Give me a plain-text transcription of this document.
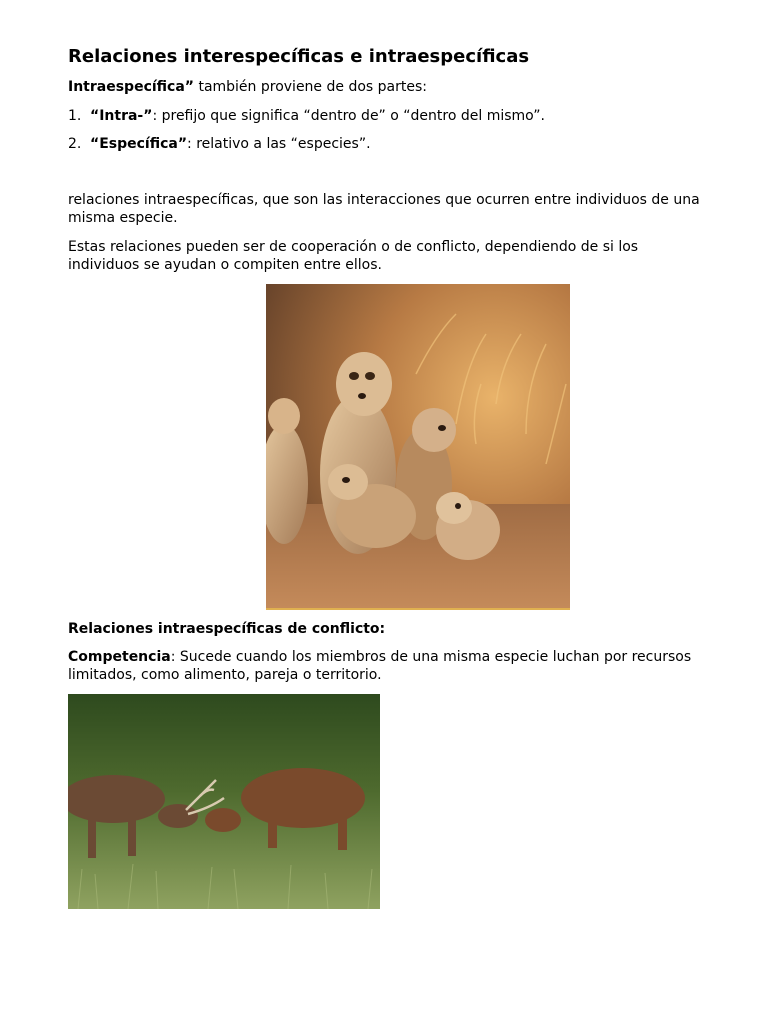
Relaciones interespecíficas e intraespecíficas
Intraespecífica” también proviene de dos partes:
1. “Intra-”: prefijo que significa “dentro de” o “dentro del mismo”.
2. “Específica”: relativo a las “especies”.
relaciones intraespecíficas, que son las interacciones que ocurren entre individuos de una misma especie.
Estas relaciones pueden ser de cooperación o de conflicto, dependiendo de si los individuos se ayudan o compiten entre ellos.
Relaciones intraespecíficas de conflicto:
Competencia: Sucede cuando los miembros de una misma especie luchan por recursos limitados, como alimento, pareja o territorio.
